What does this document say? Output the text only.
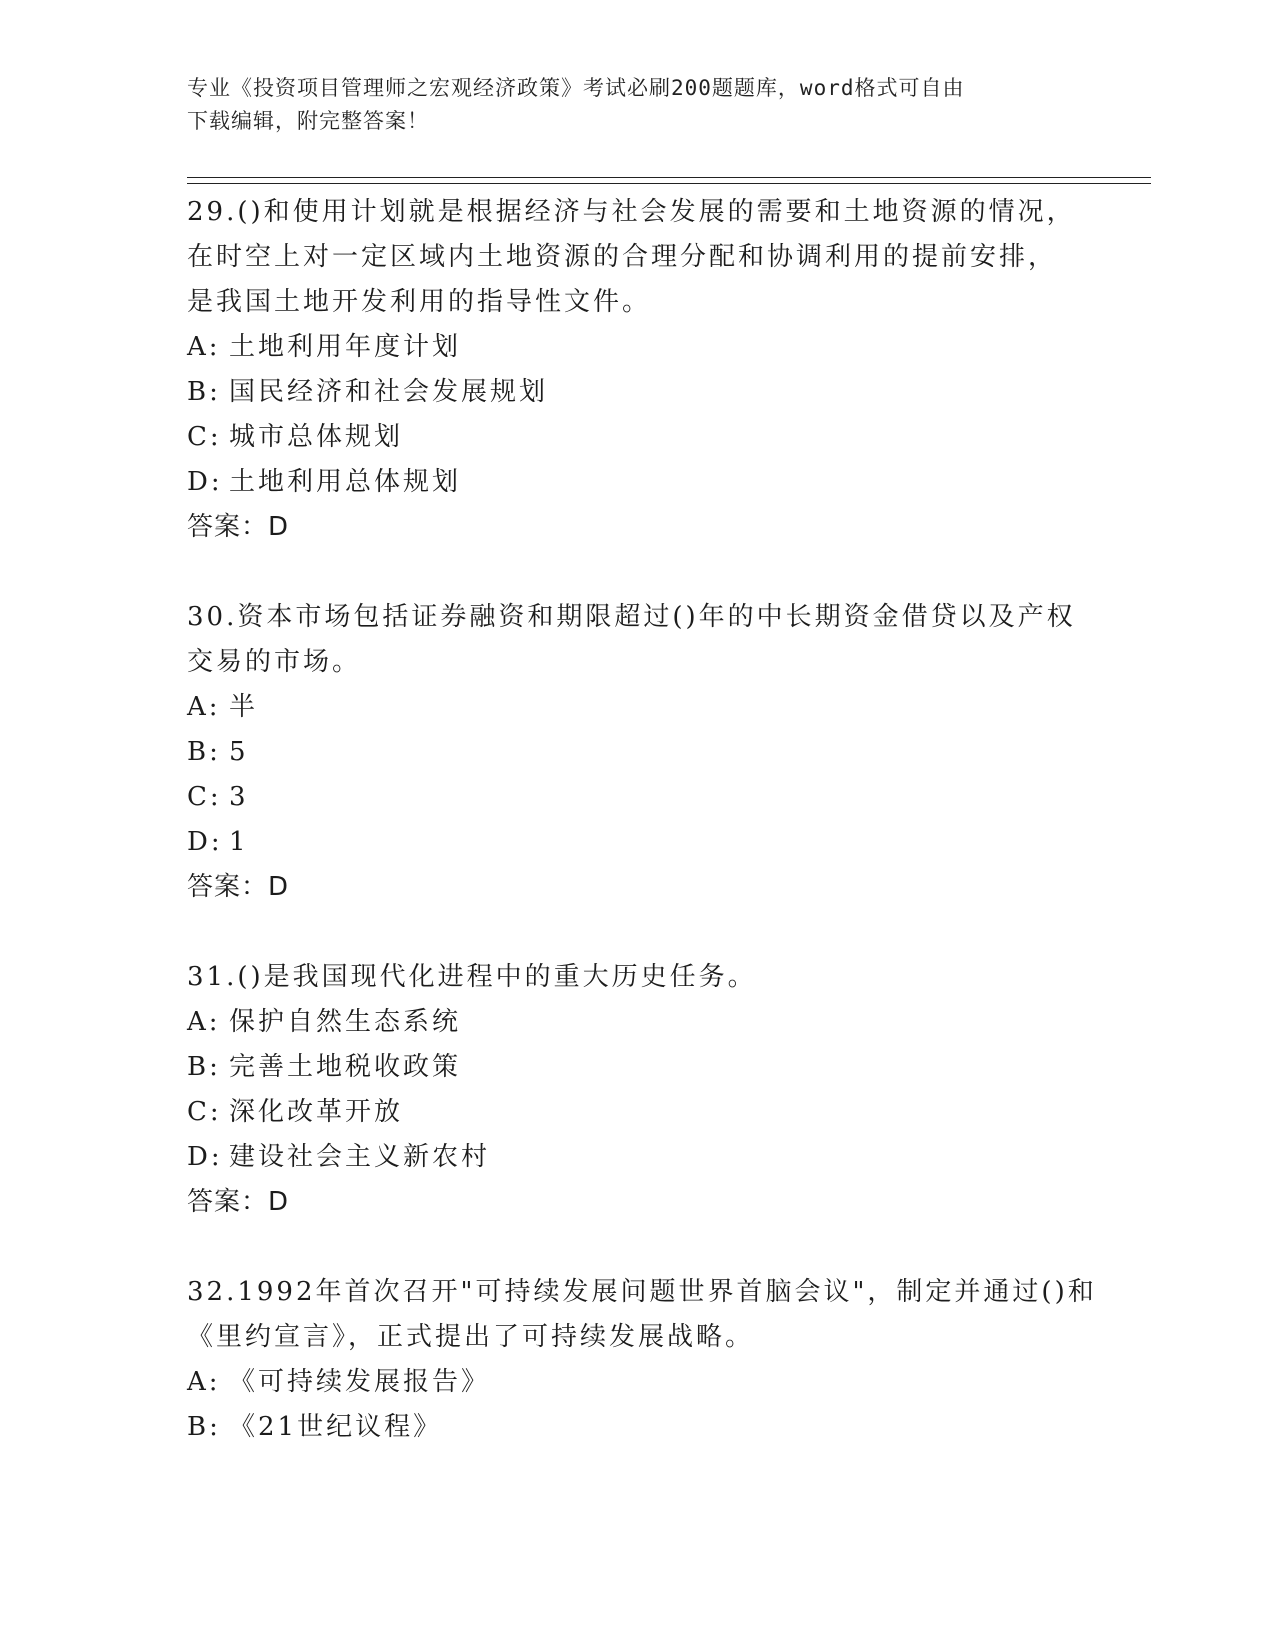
专业《投资项目管理师之宏观经济政策》考试必刷200题题库，word格式可自由
下载编辑，附完整答案！

29.()和使用计划就是根据经济与社会发展的需要和土地资源的情况，

在时空上对一定区域内土地资源的合理分配和协调利用的提前安排，

是我国土地开发利用的指导性文件。

A: 土地利用年度计划

B: 国民经济和社会发展规划

C: 城市总体规划

D: 土地利用总体规划

答案：D

30.资本市场包括证券融资和期限超过()年的中长期资金借贷以及产权

交易的市场。

A: 半

B: 5

C: 3

D: 1

答案：D

31.()是我国现代化进程中的重大历史任务。

A: 保护自然生态系统

B: 完善土地税收政策

C: 深化改革开放

D: 建设社会主义新农村

答案：D

32.1992年首次召开"可持续发展问题世界首脑会议"，制定并通过()和

《里约宣言》，正式提出了可持续发展战略。

A: 《可持续发展报告》

B: 《21世纪议程》
